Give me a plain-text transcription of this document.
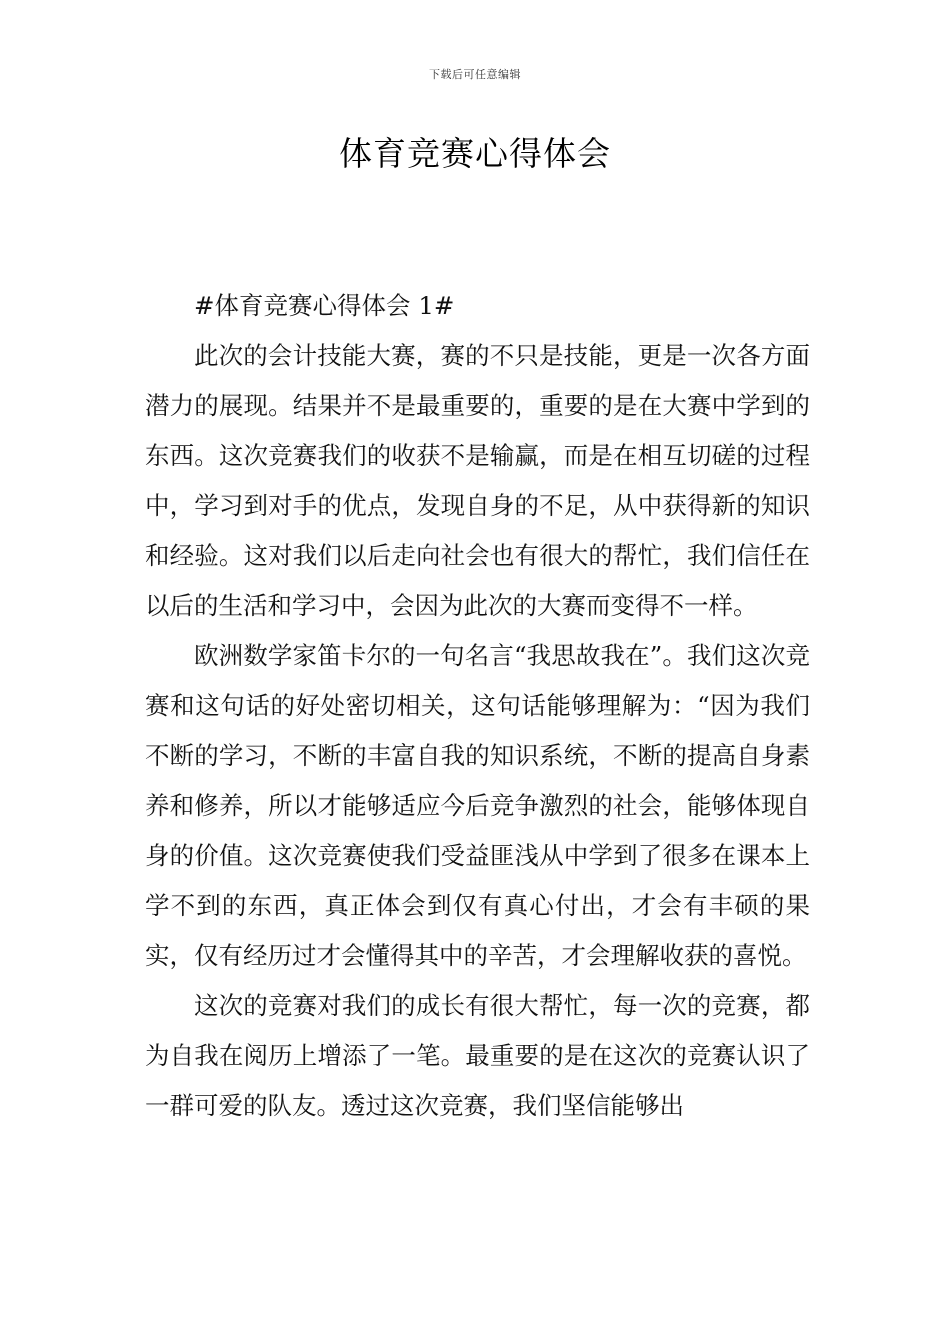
下载后可任意编辑
体育竞赛心得体会

#体育竞赛心得体会 1#

此次的会计技能大赛，赛的不只是技能，更是一次各方面潜力的展现。结果并不是最重要的，重要的是在大赛中学到的东西。这次竞赛我们的收获不是输赢，而是在相互切磋的过程中，学习到对手的优点，发现自身的不足，从中获得新的知识和经验。这对我们以后走向社会也有很大的帮忙，我们信任在以后的生活和学习中，会因为此次的大赛而变得不一样。

欧洲数学家笛卡尔的一句名言“我思故我在”。我们这次竞赛和这句话的好处密切相关，这句话能够理解为：“因为我们不断的学习，不断的丰富自我的知识系统，不断的提高自身素养和修养，所以才能够适应今后竞争激烈的社会，能够体现自身的价值。这次竞赛使我们受益匪浅从中学到了很多在课本上学不到的东西，真正体会到仅有真心付出，才会有丰硕的果实，仅有经历过才会懂得其中的辛苦，才会理解收获的喜悦。

这次的竞赛对我们的成长有很大帮忙，每一次的竞赛，都为自我在阅历上增添了一笔。最重要的是在这次的竞赛认识了一群可爱的队友。透过这次竞赛，我们坚信能够出
